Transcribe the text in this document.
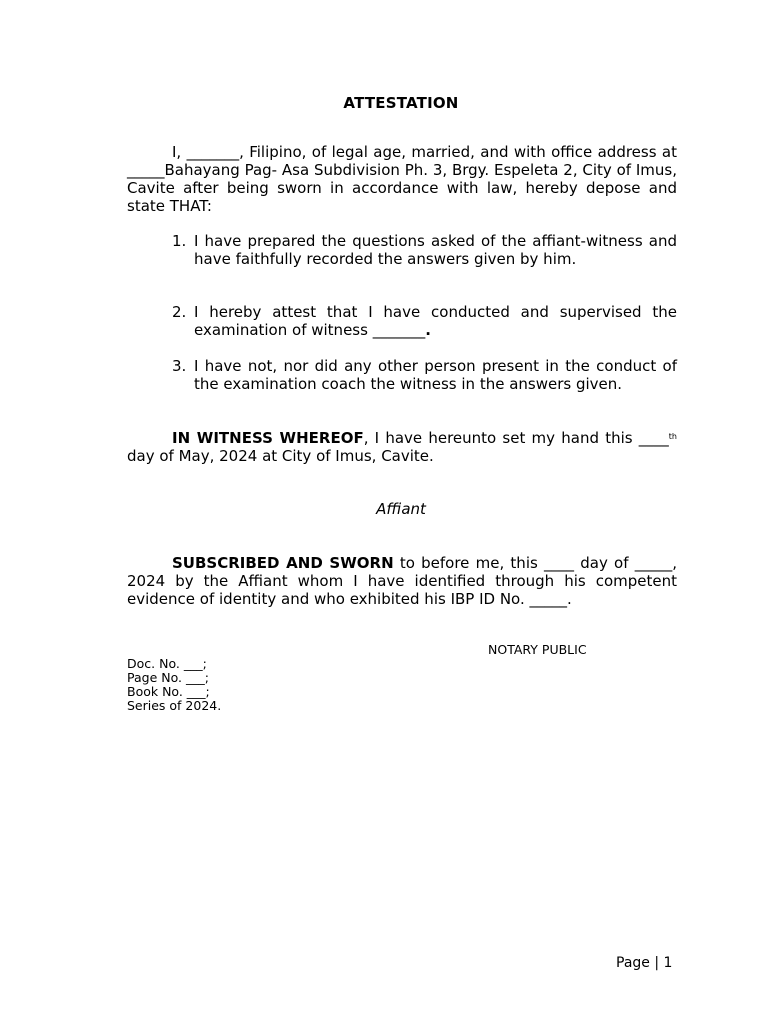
ATTESTATION
I, _______, Filipino, of legal age, married, and with office address at _____Bahayang Pag- Asa Subdivision Ph. 3, Brgy. Espeleta 2, City of Imus, Cavite after being sworn in accordance with law, hereby depose and state THAT:
1. I have prepared the questions asked of the affiant-witness and have faithfully recorded the answers given by him.
2. I hereby attest that I have conducted and supervised the examination of witness _______.
3. I have not, nor did any other person present in the conduct of the examination coach the witness in the answers given.
IN WITNESS WHEREOF, I have hereunto set my hand this ____$^{th}$ day of May, 2024 at City of Imus, Cavite.
Affiant
SUBSCRIBED AND SWORN to before me, this ____ day of _____, 2024 by the Affiant whom I have identified through his competent evidence of identity and who exhibited his IBP ID No. _____.
NOTARY PUBLIC
Doc. No. ___;
Page No. ___;
Book No. ___;
Series of 2024.
Page | 1
